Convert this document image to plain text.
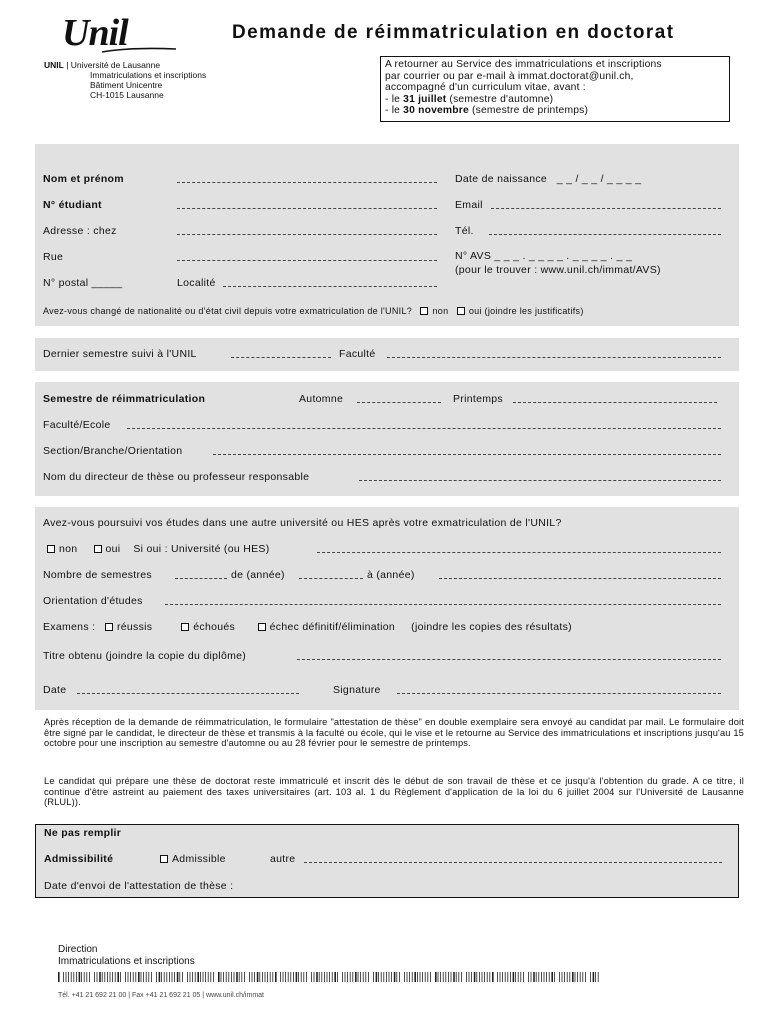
Unil
UNIL | Université de Lausanne
Immatriculations et inscriptions
Bâtiment Unicentre
CH-1015 Lausanne
Demande de réimmatriculation en doctorat
A retourner au Service des immatriculations et inscriptions
par courrier ou par e-mail à immat.doctorat@unil.ch,
accompagné d'un curriculum vitae, avant :
- le 31 juillet (semestre d'automne)
- le 30 novembre (semestre de printemps)
Nom et prénom	Date de naissance _ _ / _ _ / _ _ _ _
N° étudiant	Email
Adresse : chez	Tél.
Rue	N° AVS _ _ _ . _ _ _ _ . _ _ _ _ . _ _
(pour le trouver : www.unil.ch/immat/AVS)
N° postal _____	Localité
Avez-vous changé de nationalité ou d'état civil depuis votre exmatriculation de l'UNIL? non oui (joindre les justificatifs)
Dernier semestre suivi à l'UNIL	Faculté
Semestre de réimmatriculation	Automne	Printemps
Faculté/Ecole
Section/Branche/Orientation
Nom du directeur de thèse ou professeur responsable
Avez-vous poursuivi vos études dans une autre université ou HES après votre exmatriculation de l'UNIL?
non	oui Si oui : Université (ou HES)
Nombre de semestres	de (année)	à (année)
Orientation d'études
Examens : réussis	échoués	échec définitif/élimination (joindre les copies des résultats)
Titre obtenu (joindre la copie du diplôme)
Date	Signature
Après réception de la demande de réimmatriculation, le formulaire "attestation de thèse" en double exemplaire sera envoyé au candidat par mail. Le formulaire doit être signé par le candidat, le directeur de thèse et transmis à la faculté ou école, qui le vise et le retourne au Service des immatriculations et inscriptions jusqu'au 15 octobre pour une inscription au semestre d'automne ou au 28 février pour le semestre de printemps.
Le candidat qui prépare une thèse de doctorat reste immatriculé et inscrit dès le début de son travail de thèse et ce jusqu'à l'obtention du grade. A ce titre, il continue d'être astreint au paiement des taxes universitaires (art. 103 al. 1 du Règlement d'application de la loi du 6 juillet 2004 sur l'Université de Lausanne (RLUL)).
Ne pas remplir
Admissibilité	Admissible	autre
Date d'envoi de l'attestation de thèse :
Direction
Immatriculations et inscriptions
Tél. +41 21 692 21 00 | Fax +41 21 692 21 05 | www.unil.ch/immat
